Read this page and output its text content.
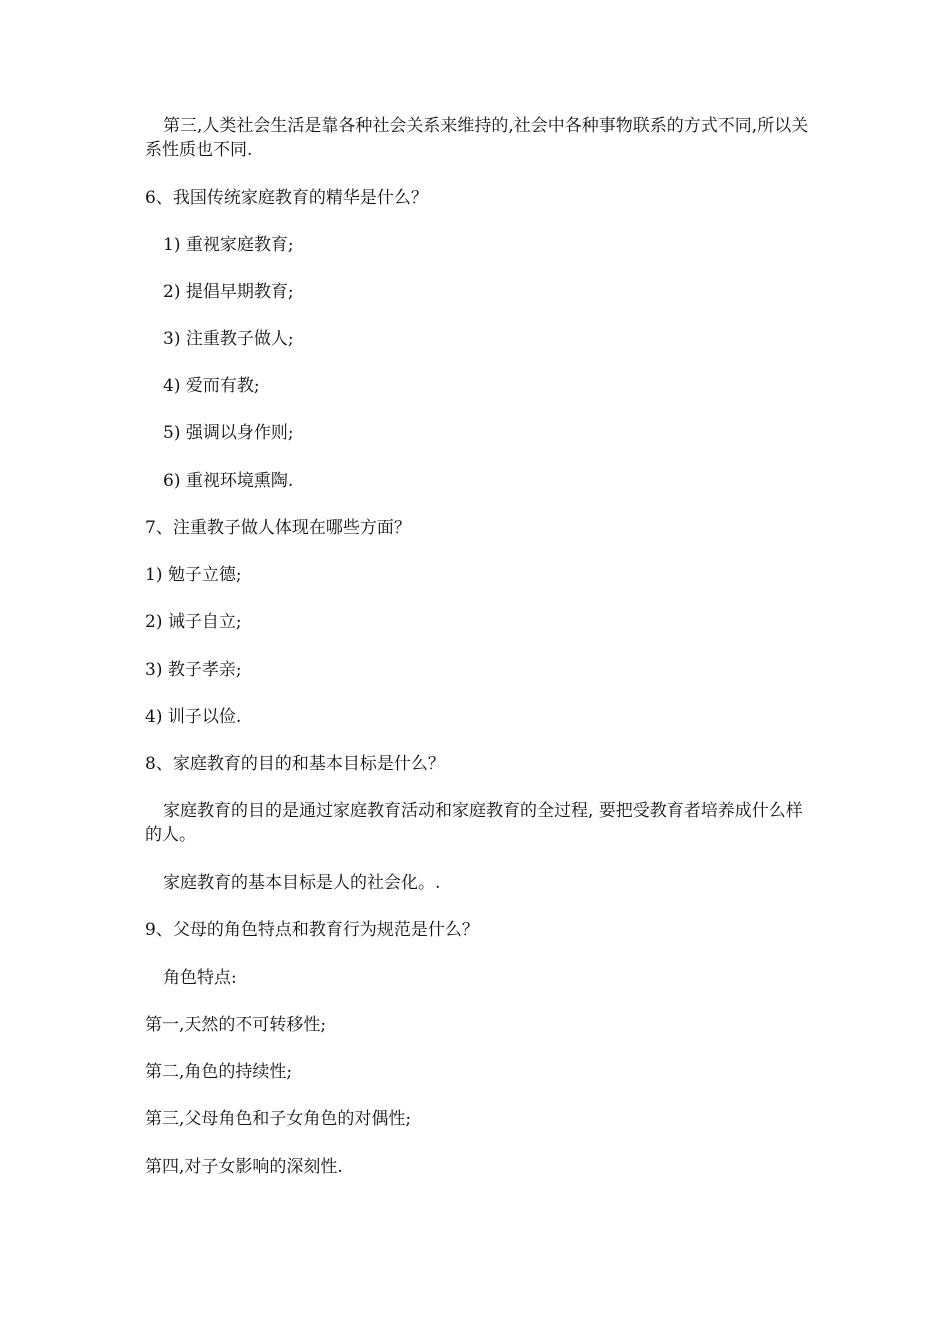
第三,人类社会生活是靠各种社会关系来维持的,社会中各种事物联系的方式不同,所以关系性质也不同.
6、我国传统家庭教育的精华是什么？
1) 重视家庭教育;
2) 提倡早期教育;
3) 注重教子做人;
4) 爱而有教;
5) 强调以身作则;
6) 重视环境熏陶.
7、注重教子做人体现在哪些方面？
1) 勉子立德;
2) 诫子自立;
3) 教子孝亲;
4) 训子以俭.
8、家庭教育的目的和基本目标是什么？
家庭教育的目的是通过家庭教育活动和家庭教育的全过程, 要把受教育者培养成什么样的人。
家庭教育的基本目标是人的社会化。.
9、父母的角色特点和教育行为规范是什么？
角色特点:
第一,天然的不可转移性;
第二,角色的持续性;
第三,父母角色和子女角色的对偶性;
第四,对子女影响的深刻性.
